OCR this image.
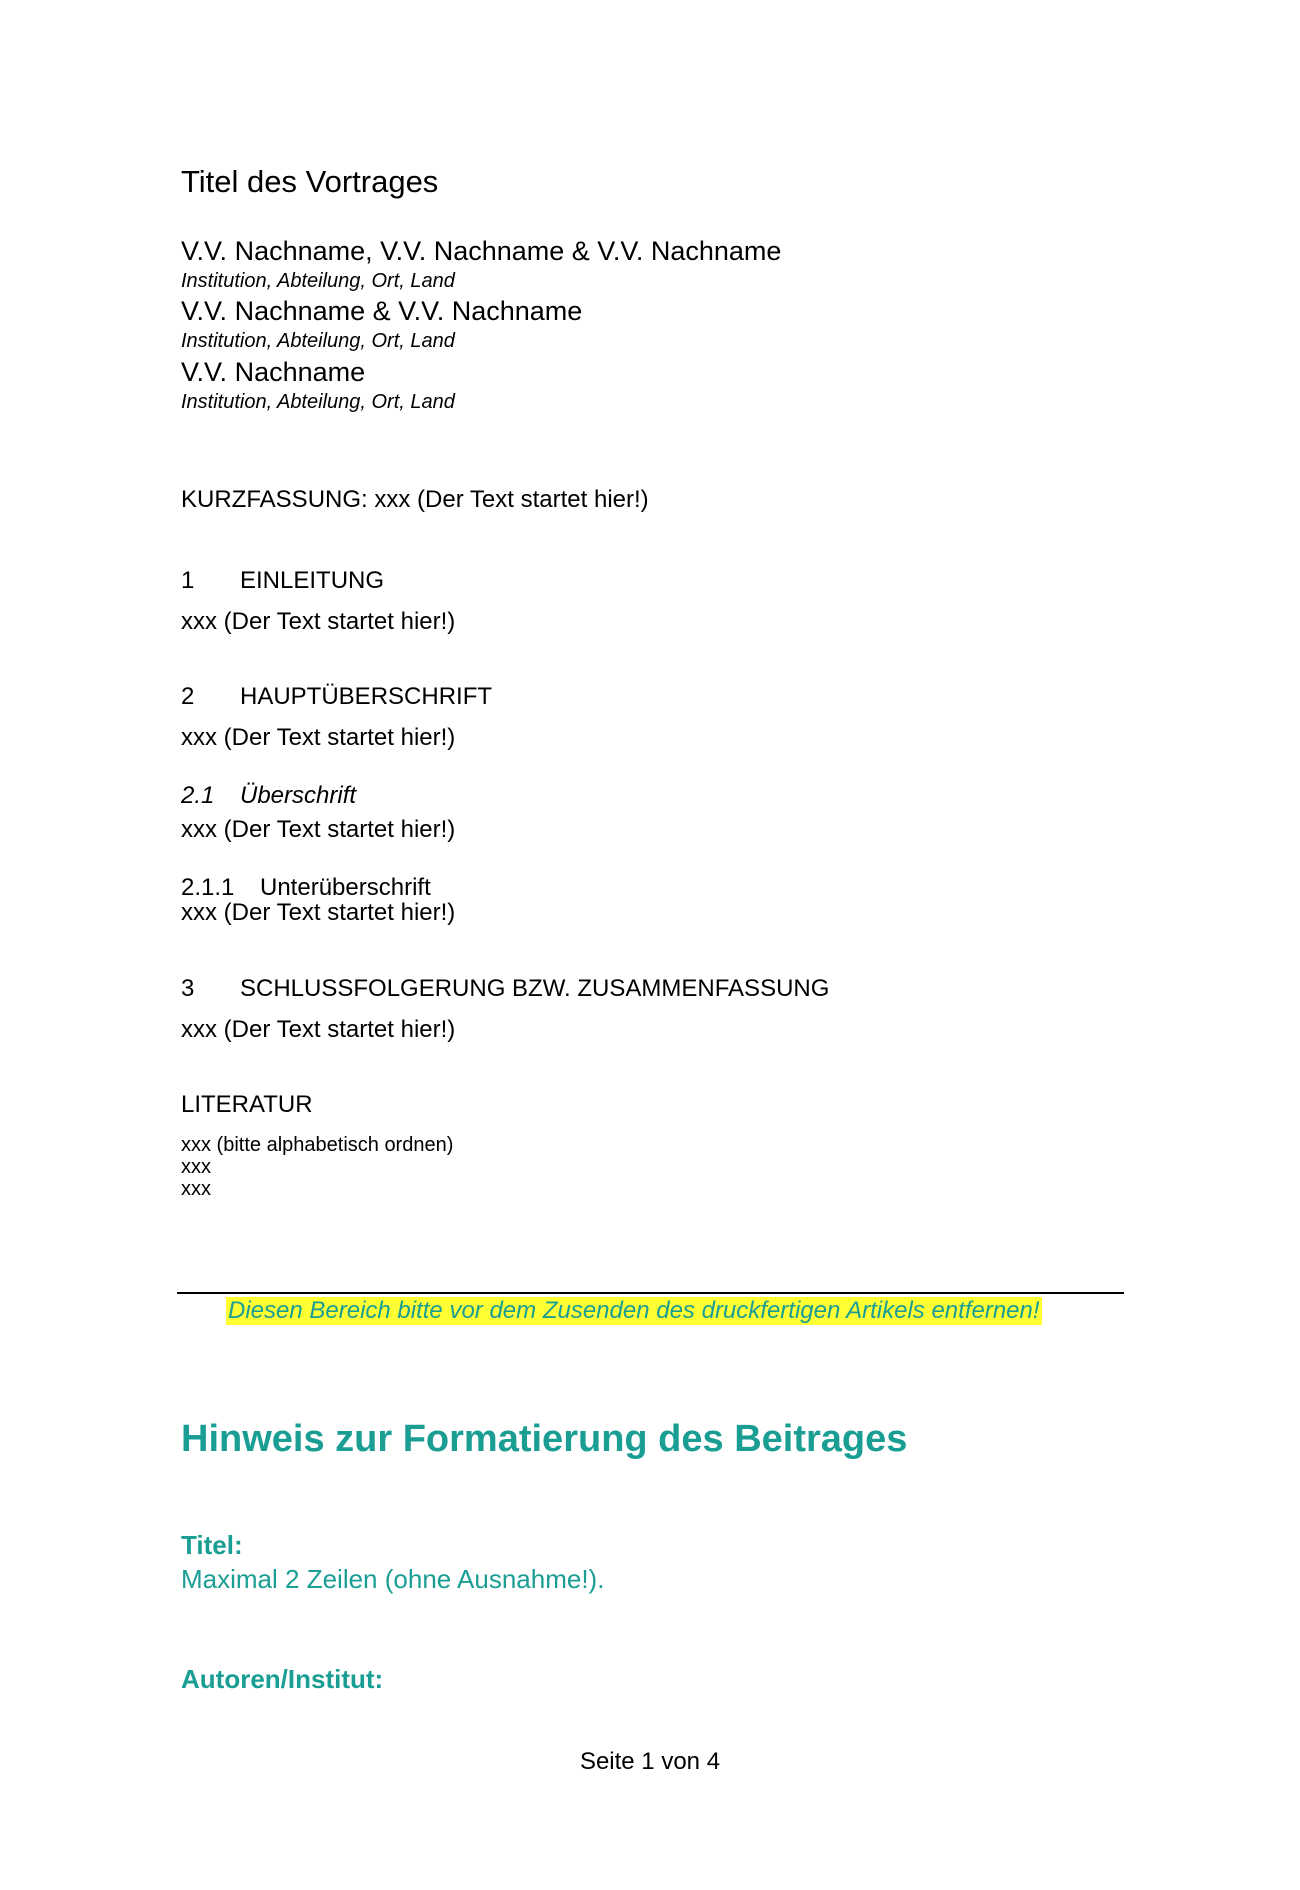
Titel des Vortrages
V.V. Nachname, V.V. Nachname & V.V. Nachname
Institution, Abteilung, Ort, Land
V.V. Nachname & V.V. Nachname
Institution, Abteilung, Ort, Land
V.V. Nachname
Institution, Abteilung, Ort, Land
KURZFASSUNG: xxx (Der Text startet hier!)
1 EINLEITUNG
xxx (Der Text startet hier!)
2 HAUPTÜBERSCHRIFT
xxx (Der Text startet hier!)
2.1 Überschrift
xxx (Der Text startet hier!)
2.1.1 Unterüberschrift
xxx (Der Text startet hier!)
3 SCHLUSSFOLGERUNG BZW. ZUSAMMENFASSUNG
xxx (Der Text startet hier!)
LITERATUR
xxx (bitte alphabetisch ordnen)
xxx
xxx
Diesen Bereich bitte vor dem Zusenden des druckfertigen Artikels entfernen!
Hinweis zur Formatierung des Beitrages
Titel:
Maximal 2 Zeilen (ohne Ausnahme!).
Autoren/Institut:
Seite 1 von 4
